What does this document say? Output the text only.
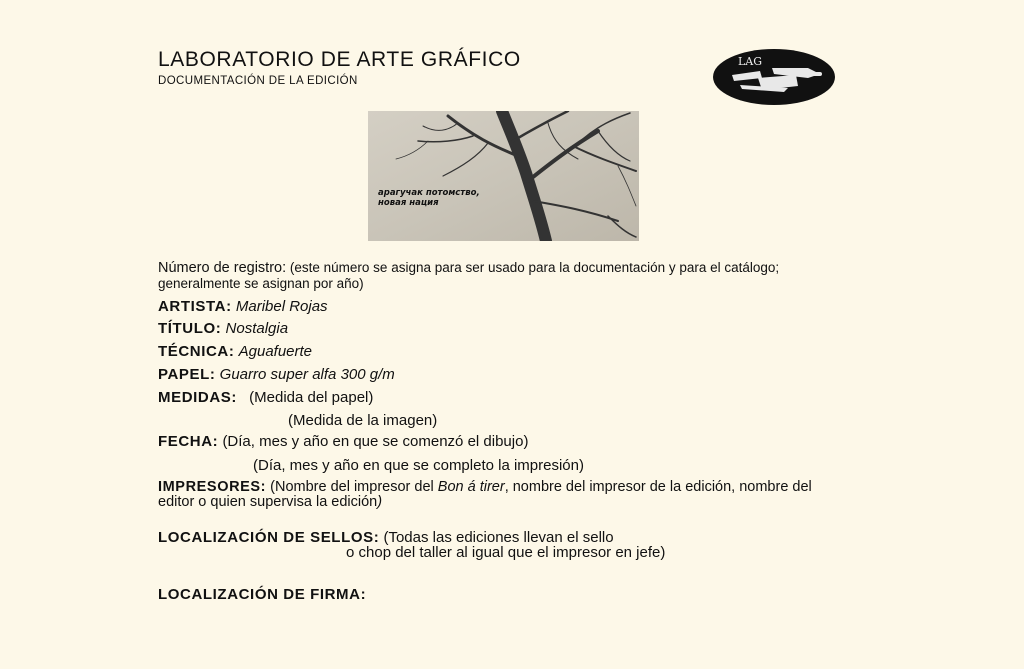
LABORATORIO DE ARTE GRÁFICO
DOCUMENTACIÓN DE LA EDICIÓN
LAG
арагучак потомство,
новая нация
Número de registro: (este número se asigna para ser usado para la documentación y para el catálogo; generalmente se asignan por año)
ARTISTA: Maribel Rojas
TÍTULO: Nostalgia
TÉCNICA: Aguafuerte
PAPEL: Guarro super alfa 300 g/m
MEDIDAS: (Medida del papel)
(Medida de la imagen)
FECHA: (Día, mes y año en que se comenzó el dibujo)
(Día, mes y año en que se completo la impresión)
IMPRESORES: (Nombre del impresor del Bon á tirer, nombre del impresor de la edición, nombre del editor o quien supervisa la edición)
LOCALIZACIÓN DE SELLOS: (Todas las ediciones llevan el sello
o chop del taller al igual que el impresor en jefe)
LOCALIZACIÓN DE FIRMA:
